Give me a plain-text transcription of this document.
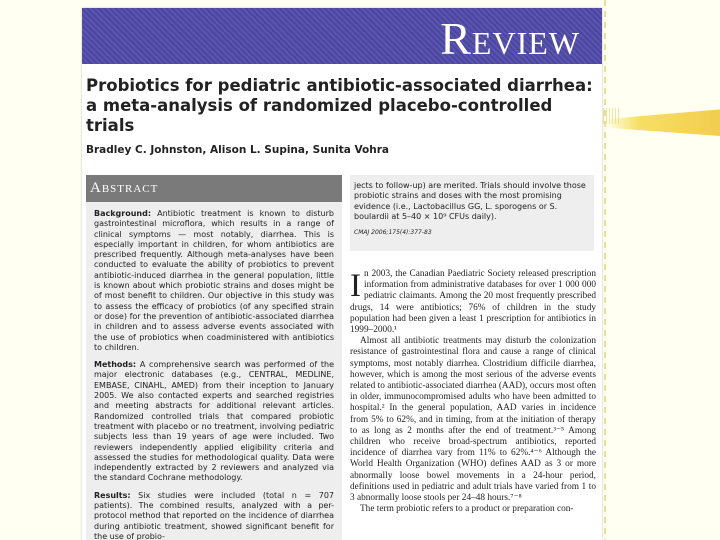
Review
Probiotics for pediatric antibiotic-associated diarrhea:
a meta-analysis of randomized placebo-controlled trials
Bradley C. Johnston, Alison L. Supina, Sunita Vohra
Abstract

Background: Antibiotic treatment is known to disturb gastrointestinal microflora, which results in a range of clinical symptoms — most notably, diarrhea. This is especially important in children, for whom antibiotics are prescribed frequently. Although meta-analyses have been conducted to evaluate the ability of probiotics to prevent antibiotic-induced diarrhea in the general population, little is known about which probiotic strains and doses might be of most benefit to children. Our objective in this study was to assess the efficacy of probiotics (of any specified strain or dose) for the prevention of antibiotic-associated diarrhea in children and to assess adverse events associated with the use of probiotics when coadministered with antibiotics to children.

Methods: A comprehensive search was performed of the major electronic databases (e.g., CENTRAL, MEDLINE, EMBASE, CINAHL, AMED) from their inception to January 2005. We also contacted experts and searched registries and meeting abstracts for additional relevant articles. Randomized controlled trials that compared probiotic treatment with placebo or no treatment, involving pediatric subjects less than 19 years of age were included. Two reviewers independently applied eligibility criteria and assessed the studies for methodological quality. Data were independently extracted by 2 reviewers and analyzed via the standard Cochrane methodology.

Results: Six studies were included (total n = 707 patients). The combined results, analyzed with a per-protocol method that reported on the incidence of diarrhea during antibiotic treatment, showed significant benefit for the use of probio-

jects to follow-up) are merited. Trials should involve those probiotic strains and doses with the most promising evidence (i.e., Lactobacillus GG, L. sporogens or S. boulardii at 5–40 × 10⁹ CFUs daily).

CMAJ 2006;175(4):377-83

I n 2003, the Canadian Paediatric Society released prescription information from administrative databases for over 1 000 000 pediatric claimants. Among the 20 most frequently prescribed drugs, 14 were antibiotics; 76% of children in the study population had been given a least 1 prescription for antibiotics in 1999–2000.¹

Almost all antibiotic treatments may disturb the colonization resistance of gastrointestinal flora and cause a range of clinical symptoms, most notably diarrhea. Clostridium difficile diarrhea, however, which is among the most serious of the adverse events related to antibiotic-associated diarrhea (AAD), occurs most often in older, immunocompromised adults who have been admitted to hospital.² In the general population, AAD varies in incidence from 5% to 62%, and in timing, from at the initiation of therapy to as long as 2 months after the end of treatment.³⁻⁵ Among children who receive broad-spectrum antibiotics, reported incidence of diarrhea vary from 11% to 62%.⁴⁻⁶ Although the World Health Organization (WHO) defines AAD as 3 or more abnormally loose bowel movements in a 24-hour period, definitions used in pediatric and adult trials have varied from 1 to 3 abnormally loose stools per 24–48 hours.⁷⁻⁸

The term probiotic refers to a product or preparation con-
